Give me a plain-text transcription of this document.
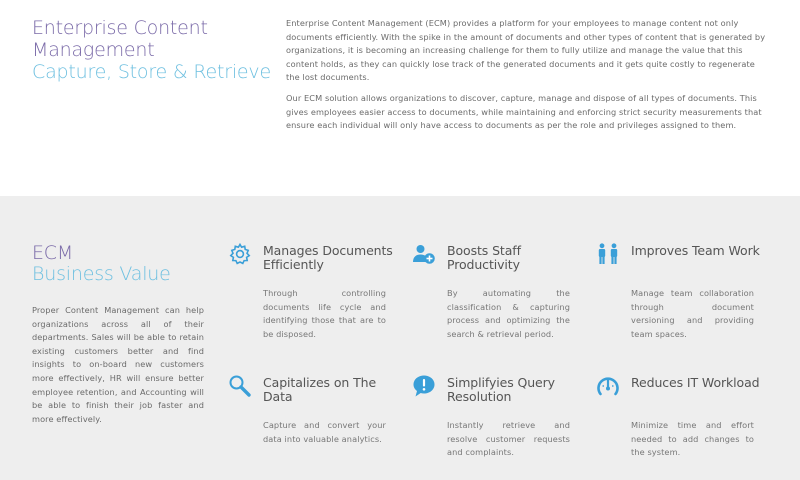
Enterprise Content
Management
Capture, Store & Retrieve

Enterprise Content Management (ECM) provides a platform for your employees to manage content not only documents efficiently. With the spike in the amount of documents and other types of content that is generated by organizations, it is becoming an increasing challenge for them to fully utilize and manage the value that this content holds, as they can quickly lose track of the generated documents and it gets quite costly to regenerate the lost documents.

Our ECM solution allows organizations to discover, capture, manage and dispose of all types of documents. This gives employees easier access to documents, while maintaining and enforcing strict security measurements that ensure each individual will only have access to documents as per the role and privileges assigned to them.

ECM
Business Value
Proper Content Management can help organizations across all of their departments. Sales will be able to retain existing customers better and find insights to on-board new customers more effectively, HR will ensure better employee retention, and Accounting will be able to finish their job faster and more effectively.
Manages Documents Efficiently
Through controlling documents life cycle and identifying those that are to be disposed.
Boosts Staff Productivity
By automating the classification & capturing process and optimizing the search & retrieval period.
Improves Team Work
Manage team collaboration through document versioning and providing team spaces.
Capitalizes on The Data
Capture and convert your data into valuable analytics.
Simplifyies Query Resolution
Instantly retrieve and resolve customer requests and complaints.
Reduces IT Workload
Minimize time and effort needed to add changes to the system.
